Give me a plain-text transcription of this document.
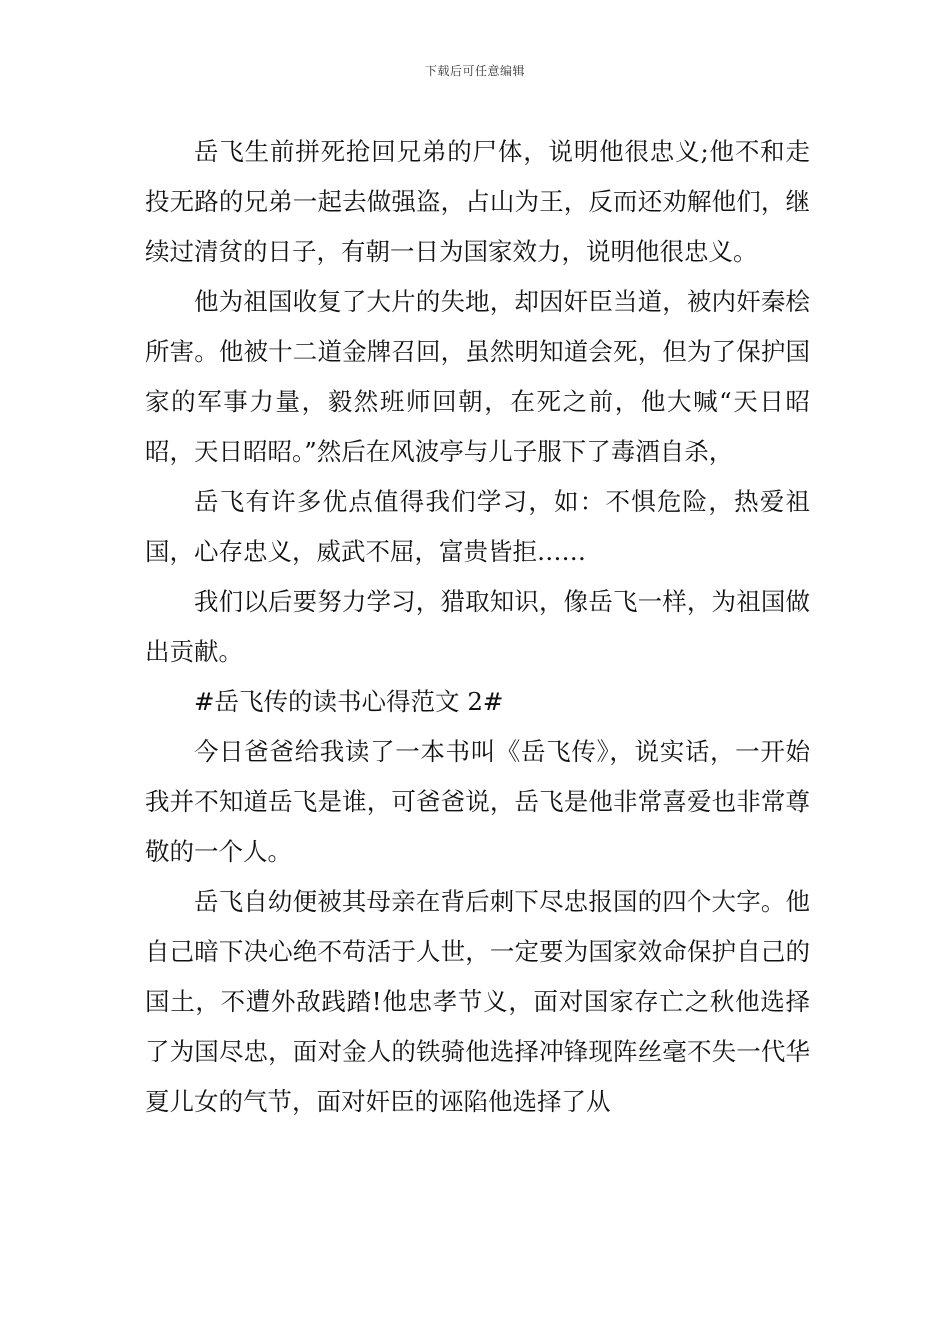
下载后可任意编辑

岳飞生前拼死抢回兄弟的尸体，说明他很忠义;他不和走投无路的兄弟一起去做强盗，占山为王，反而还劝解他们，继续过清贫的日子，有朝一日为国家效力，说明他很忠义。

他为祖国收复了大片的失地，却因奸臣当道，被内奸秦桧所害。他被十二道金牌召回，虽然明知道会死，但为了保护国家的军事力量，毅然班师回朝，在死之前，他大喊“天日昭昭，天日昭昭。”然后在风波亭与儿子服下了毒酒自杀，

岳飞有许多优点值得我们学习，如：不惧危险，热爱祖国，心存忠义，威武不屈，富贵皆拒……

我们以后要努力学习，猎取知识，像岳飞一样，为祖国做出贡献。

#岳飞传的读书心得范文 2#

今日爸爸给我读了一本书叫《岳飞传》，说实话，一开始我并不知道岳飞是谁，可爸爸说，岳飞是他非常喜爱也非常尊敬的一个人。

岳飞自幼便被其母亲在背后刺下尽忠报国的四个大字。他自己暗下决心绝不苟活于人世，一定要为国家效命保护自己的国土，不遭外敌践踏!他忠孝节义，面对国家存亡之秋他选择了为国尽忠，面对金人的铁骑他选择冲锋现阵丝毫不失一代华夏儿女的气节，面对奸臣的诬陷他选择了从
